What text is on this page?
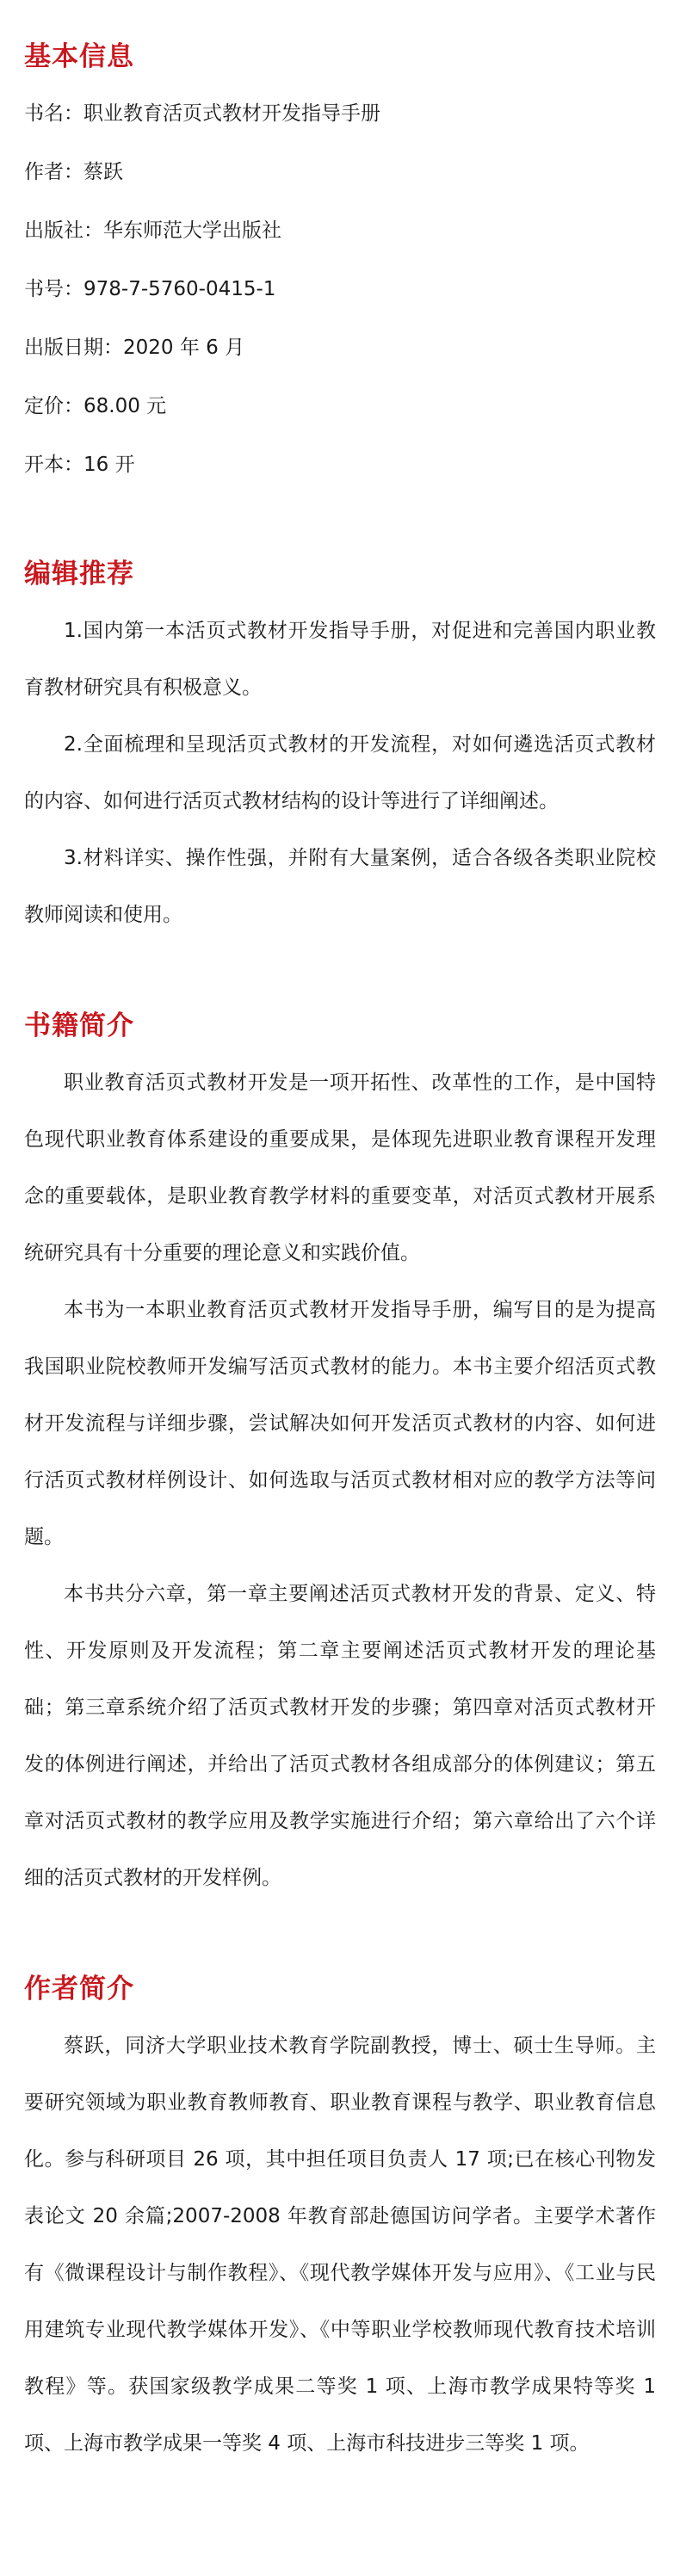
基本信息

书名：职业教育活页式教材开发指导手册

作者：蔡跃

出版社：华东师范大学出版社

书号：978-7-5760-0415-1

出版日期：2020 年 6 月

定价：68.00 元

开本：16 开

编辑推荐

1.国内第一本活页式教材开发指导手册，对促进和完善国内职业教育教材研究具有积极意义。

2.全面梳理和呈现活页式教材的开发流程，对如何遴选活页式教材的内容、如何进行活页式教材结构的设计等进行了详细阐述。

3.材料详实、操作性强，并附有大量案例，适合各级各类职业院校教师阅读和使用。

书籍简介

职业教育活页式教材开发是一项开拓性、改革性的工作，是中国特色现代职业教育体系建设的重要成果，是体现先进职业教育课程开发理念的重要载体，是职业教育教学材料的重要变革，对活页式教材开展系统研究具有十分重要的理论意义和实践价值。

本书为一本职业教育活页式教材开发指导手册，编写目的是为提高我国职业院校教师开发编写活页式教材的能力。本书主要介绍活页式教材开发流程与详细步骤，尝试解决如何开发活页式教材的内容、如何进行活页式教材样例设计、如何选取与活页式教材相对应的教学方法等问题。

本书共分六章，第一章主要阐述活页式教材开发的背景、定义、特性、开发原则及开发流程；第二章主要阐述活页式教材开发的理论基础；第三章系统介绍了活页式教材开发的步骤；第四章对活页式教材开发的体例进行阐述，并给出了活页式教材各组成部分的体例建议；第五章对活页式教材的教学应用及教学实施进行介绍；第六章给出了六个详细的活页式教材的开发样例。

作者简介

蔡跃，同济大学职业技术教育学院副教授，博士、硕士生导师。主要研究领域为职业教育教师教育、职业教育课程与教学、职业教育信息化。参与科研项目 26 项，其中担任项目负责人 17 项;已在核心刊物发表论文 20 余篇;2007-2008 年教育部赴德国访问学者。主要学术著作有《微课程设计与制作教程》、《现代教学媒体开发与应用》、《工业与民用建筑专业现代教学媒体开发》、《中等职业学校教师现代教育技术培训教程》等。获国家级教学成果二等奖 1 项、上海市教学成果特等奖 1 项、上海市教学成果一等奖 4 项、上海市科技进步三等奖 1 项。
